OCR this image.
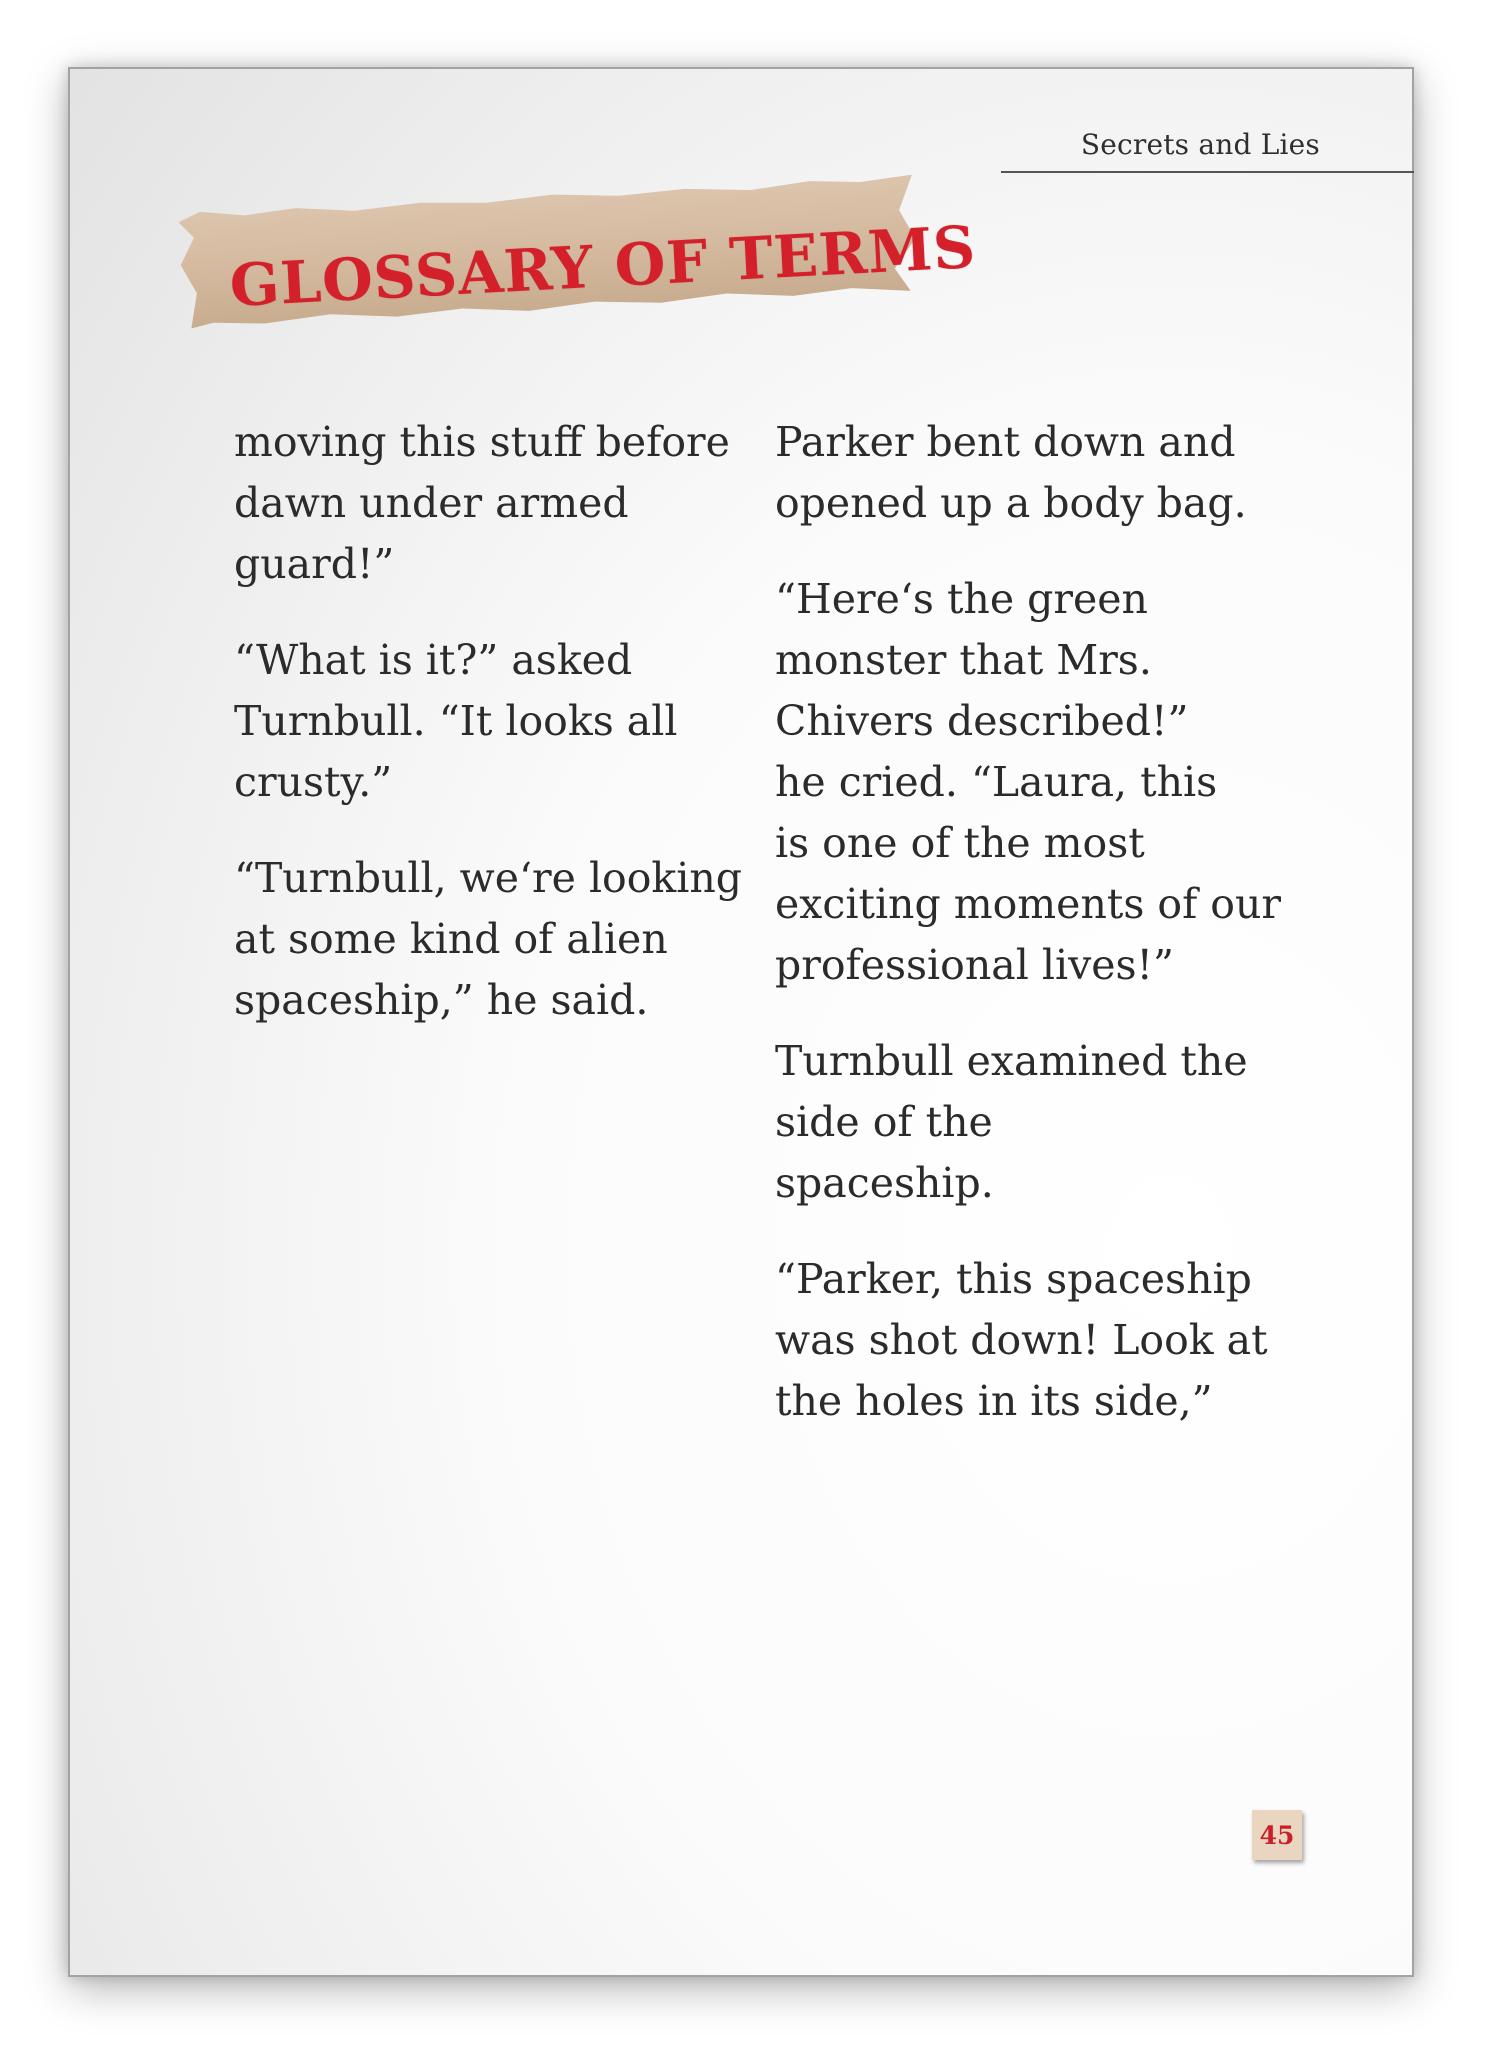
Secrets and Lies
GLOSSARY OF TERMS

moving this stuff before
dawn under armed
guard!”

“What is it?” asked
Turnbull. “It looks all
crusty.”

“Turnbull, we‘re looking
at some kind of alien
spaceship,” he said.

Parker bent down and
opened up a body bag.

“Here‘s the green
monster that Mrs.
Chivers described!”
he cried. “Laura, this
is one of the most
exciting moments of our
professional lives!”

Turnbull examined the
side of the
spaceship.

“Parker, this spaceship
was shot down! Look at
the holes in its side,”

45
